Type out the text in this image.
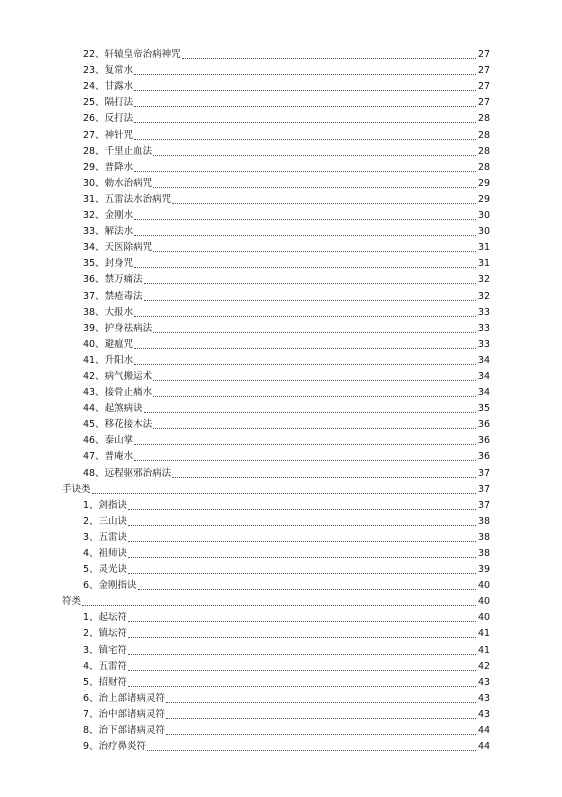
22、轩辕皇帝治病神咒	27
23、复常水	27
24、甘露水	27
25、隔打法	27
26、反打法	28
27、神针咒	28
28、千里止血法	28
29、普降水	28
30、勅水治病咒	29
31、五雷法水治病咒	29
32、金刚水	30
33、解法水	30
34、天医除病咒	31
35、封身咒	31
36、禁万痛法	32
37、禁疮毒法	32
38、大报水	33
39、护身祛病法	33
40、避瘟咒	33
41、升阳水	34
42、病气搬运术	34
43、接骨止痛水	34
44、起煞病诀	35
45、移花接木法	36
46、泰山掌	36
47、普庵水	36
48、远程驱邪治病法	37
手诀类	37
1、剑指诀	37
2、三山诀	38
3、五雷诀	38
4、祖师诀	38
5、灵光诀	39
6、金刚指诀	40
符类	40
1、起坛符	40
2、镇坛符	41
3、镇宅符	41
4、五雷符	42
5、招财符	43
6、治上部诸病灵符	43
7、治中部诸病灵符	43
8、治下部诸病灵符	44
9、治疗鼻炎符	44
